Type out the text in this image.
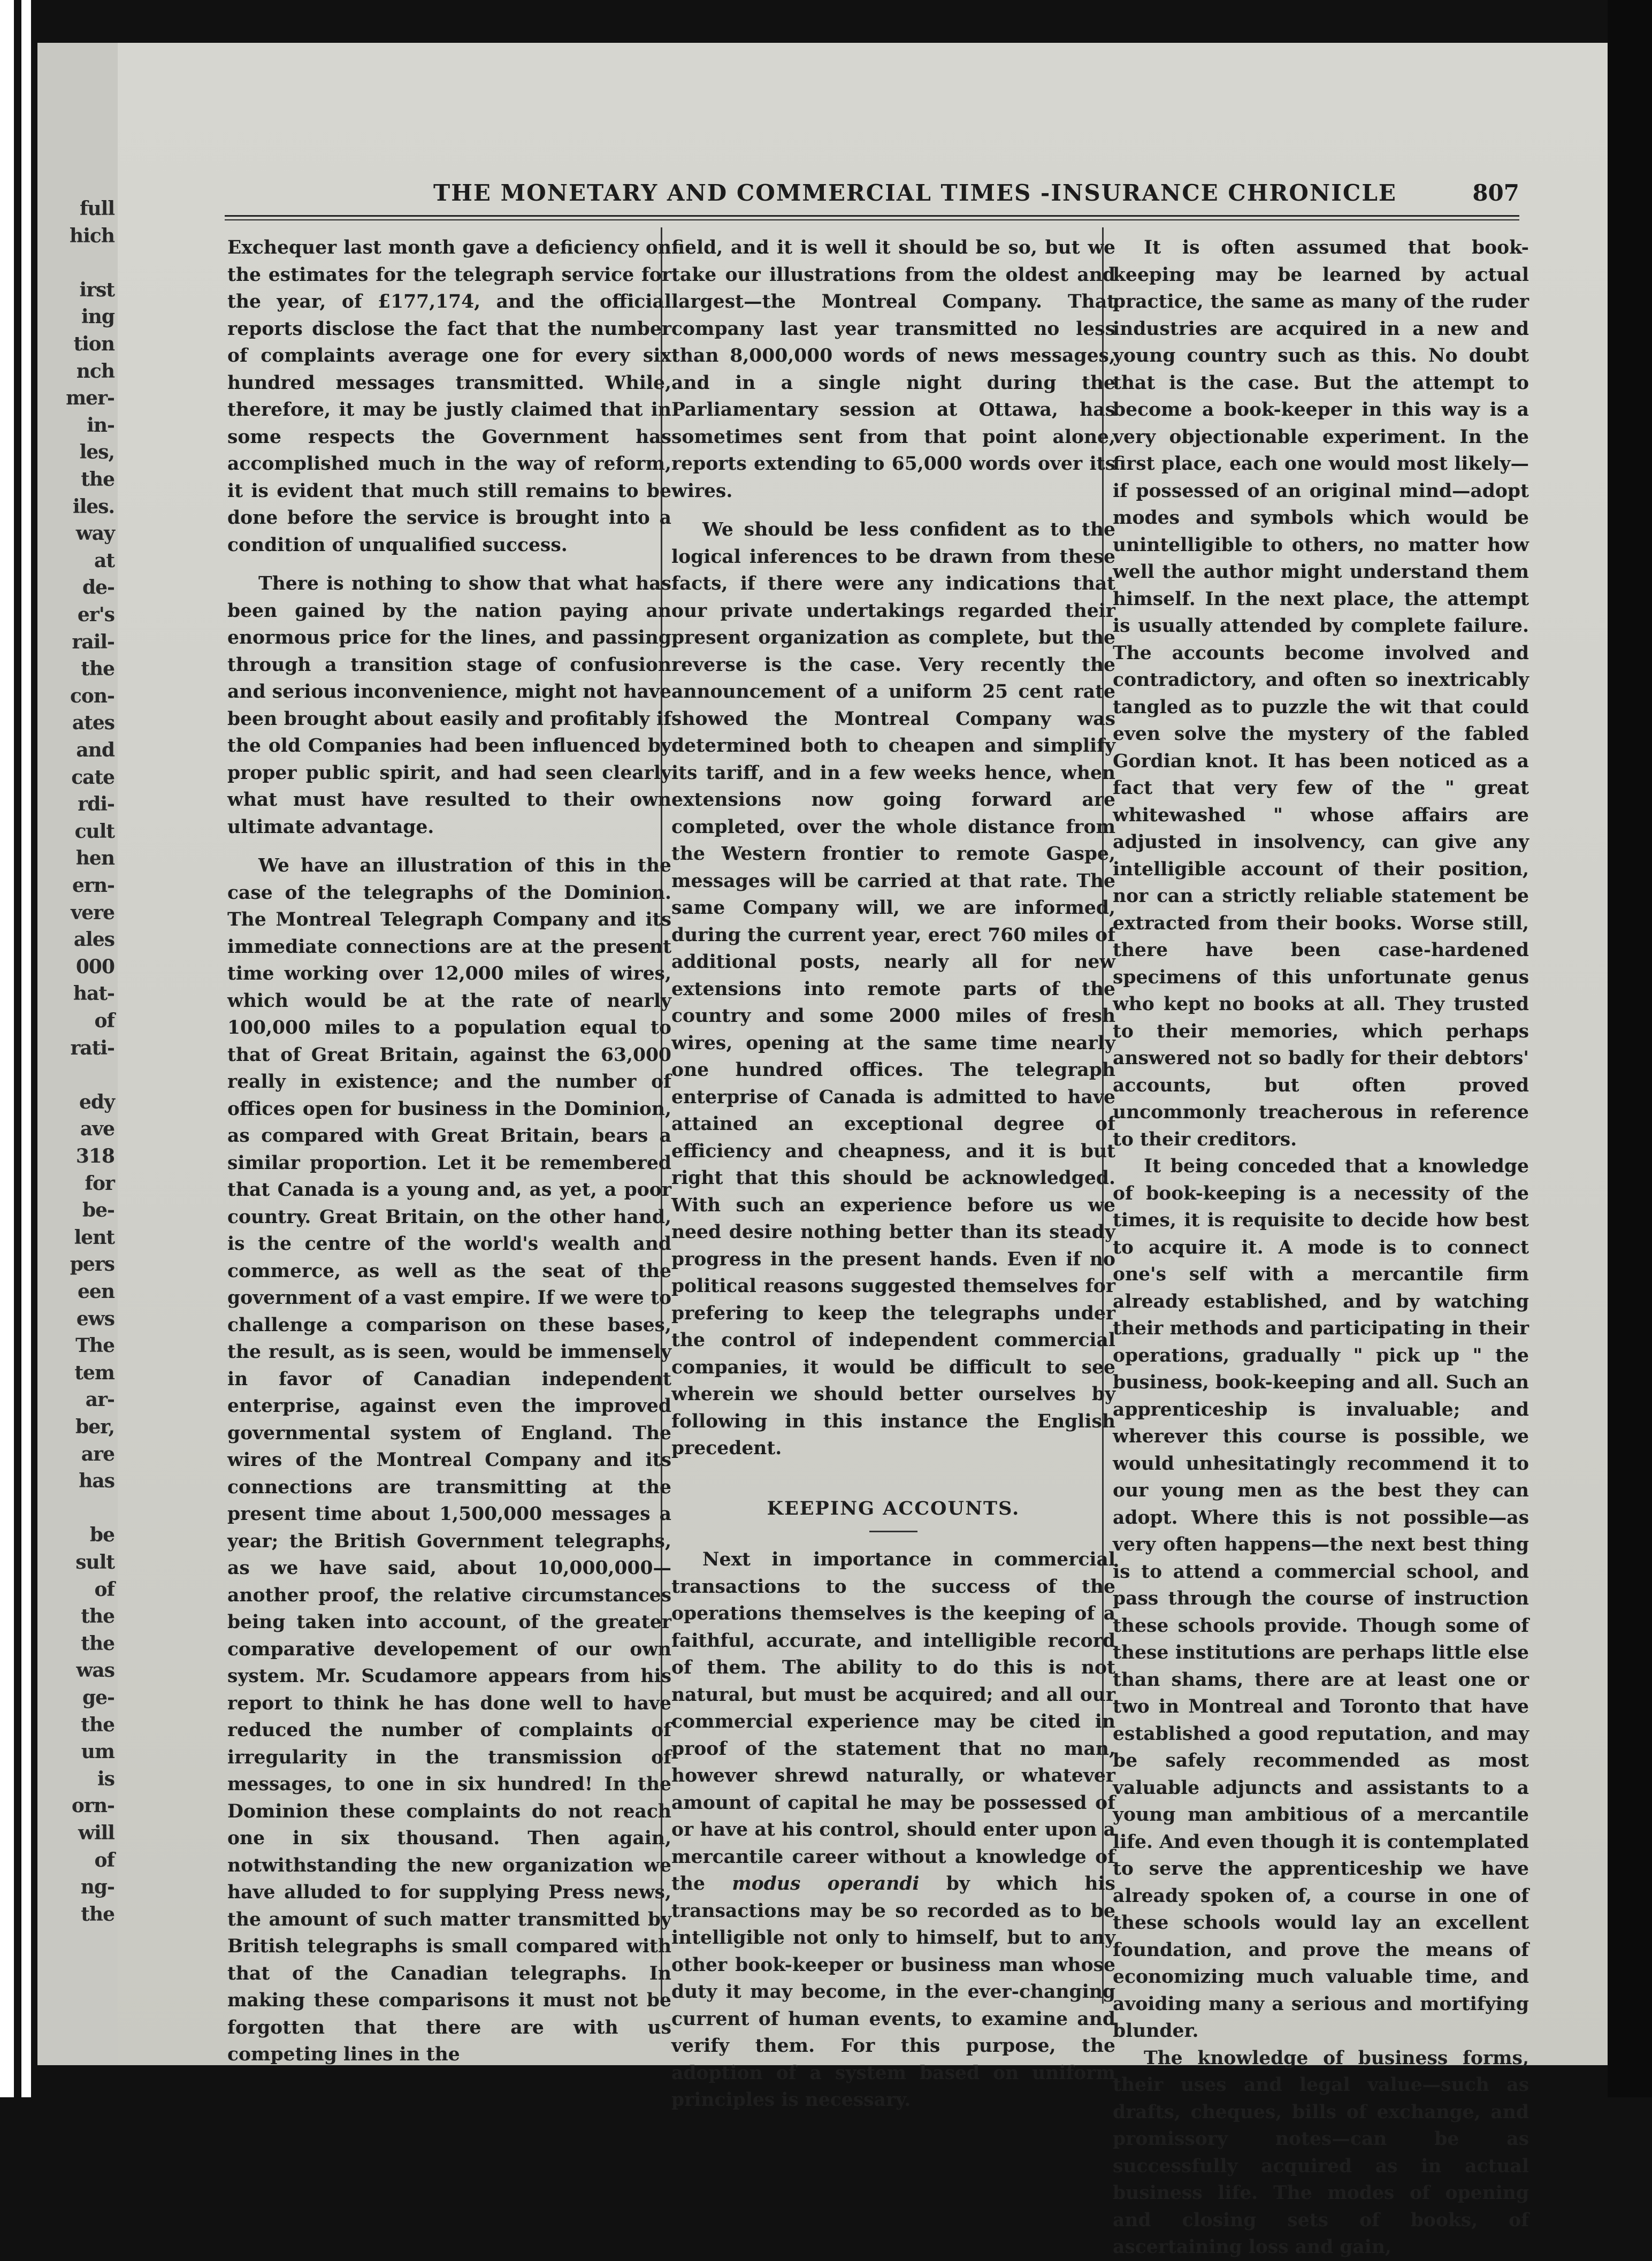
full
hich
irst
ing
tion
nch
mer-
in-
les,
the
iles.
way
at
de-
er's
rail-
the
con-
ates
and
cate
rdi-
cult
hen
ern-
vere
ales
000
hat-
of
rati-
edy
ave
318
for
be-
lent
pers
een
ews
The
tem
ar-
ber,
are
has
be
sult
of
the
the
was
ge-
the
um
is
orn-
will
of
ng-
the
THE MONETARY AND COMMERCIAL TIMES -INSURANCE CHRONICLE	807

Exchequer last month gave a deficiency on the estimates for the telegraph service for the year, of £177,174, and the official reports disclose the fact that the number of complaints average one for every six hundred messages transmitted. While, therefore, it may be justly claimed that in some respects the Government has accomplished much in the way of reform, it is evident that much still remains to be done before the service is brought into a condition of unqualified success.

There is nothing to show that what has been gained by the nation paying an enormous price for the lines, and passing through a transition stage of confusion and serious inconvenience, might not have been brought about easily and profitably if the old Companies had been influenced by proper public spirit, and had seen clearly what must have resulted to their own ultimate advantage.

We have an illustration of this in the case of the telegraphs of the Dominion. The Montreal Telegraph Company and its immediate connections are at the present time working over 12,000 miles of wires, which would be at the rate of nearly 100,000 miles to a population equal to that of Great Britain, against the 63,000 really in existence; and the number of offices open for business in the Dominion, as compared with Great Britain, bears a similar proportion. Let it be remembered that Canada is a young and, as yet, a poor country. Great Britain, on the other hand, is the centre of the world's wealth and commerce, as well as the seat of the government of a vast empire. If we were to challenge a comparison on these bases, the result, as is seen, would be immensely in favor of Canadian independent enterprise, against even the improved governmental system of England. The wires of the Montreal Company and its connections are transmitting at the present time about 1,500,000 messages a year; the British Government telegraphs, as we have said, about 10,000,000—another proof, the relative circumstances being taken into account, of the greater comparative developement of our own system. Mr. Scudamore appears from his report to think he has done well to have reduced the number of complaints of irregularity in the transmission of messages, to one in six hundred! In the Dominion these complaints do not reach one in six thousand. Then again, notwithstanding the new organization we have alluded to for supplying Press news, the amount of such matter transmitted by British telegraphs is small compared with that of the Canadian telegraphs. In making these comparisons it must not be forgotten that there are with us competing lines in the

field, and it is well it should be so, but we take our illustrations from the oldest and largest—the Montreal Company. That company last year transmitted no less than 8,000,000 words of news messages, and in a single night during the Parliamentary session at Ottawa, has sometimes sent from that point alone, reports extending to 65,000 words over its wires.

We should be less confident as to the logical inferences to be drawn from these facts, if there were any indications that our private undertakings regarded their present organization as complete, but the reverse is the case. Very recently the announcement of a uniform 25 cent rate showed the Montreal Company was determined both to cheapen and simplify its tariff, and in a few weeks hence, when extensions now going forward are completed, over the whole distance from the Western frontier to remote Gaspe, messages will be carried at that rate. The same Company will, we are informed, during the current year, erect 760 miles of additional posts, nearly all for new extensions into remote parts of the country and some 2000 miles of fresh wires, opening at the same time nearly one hundred offices. The telegraph enterprise of Canada is admitted to have attained an exceptional degree of efficiency and cheapness, and it is but right that this should be acknowledged. With such an experience before us we need desire nothing better than its steady progress in the present hands. Even if no political reasons suggested themselves for prefering to keep the telegraphs under the control of independent commercial companies, it would be difficult to see wherein we should better ourselves by following in this instance the English precedent.

KEEPING ACCOUNTS.

Next in importance in commercial transactions to the success of the operations themselves is the keeping of a faithful, accurate, and intelligible record of them. The ability to do this is not natural, but must be acquired; and all our commercial experience may be cited in proof of the statement that no man, however shrewd naturally, or whatever amount of capital he may be possessed of or have at his control, should enter upon a mercantile career without a knowledge of the modus operandi by which his transactions may be so recorded as to be intelligible not only to himself, but to any other book-keeper or business man whose duty it may become, in the ever-changing current of human events, to examine and verify them. For this purpose, the adoption of a system based on uniform principles is necessary.

It is often assumed that book-keeping may be learned by actual practice, the same as many of the ruder industries are acquired in a new and young country such as this. No doubt that is the case. But the attempt to become a book-keeper in this way is a very objectionable experiment. In the first place, each one would most likely—if possessed of an original mind—adopt modes and symbols which would be unintelligible to others, no matter how well the author might understand them himself. In the next place, the attempt is usually attended by complete failure. The accounts become involved and contradictory, and often so inextricably tangled as to puzzle the wit that could even solve the mystery of the fabled Gordian knot. It has been noticed as a fact that very few of the " great whitewashed " whose affairs are adjusted in insolvency, can give any intelligible account of their position, nor can a strictly reliable statement be extracted from their books. Worse still, there have been case-hardened specimens of this unfortunate genus who kept no books at all. They trusted to their memories, which perhaps answered not so badly for their debtors' accounts, but often proved uncommonly treacherous in reference to their creditors.

It being conceded that a knowledge of book-keeping is a necessity of the times, it is requisite to decide how best to acquire it. A mode is to connect one's self with a mercantile firm already established, and by watching their methods and participating in their operations, gradually " pick up " the business, book-keeping and all. Such an apprenticeship is invaluable; and wherever this course is possible, we would unhesitatingly recommend it to our young men as the best they can adopt. Where this is not possible—as very often happens—the next best thing is to attend a commercial school, and pass through the course of instruction these schools provide. Though some of these institutions are perhaps little else than shams, there are at least one or two in Montreal and Toronto that have established a good reputation, and may be safely recommended as most valuable adjuncts and assistants to a young man ambitious of a mercantile life. And even though it is contemplated to serve the apprenticeship we have already spoken of, a course in one of these schools would lay an excellent foundation, and prove the means of economizing much valuable time, and avoiding many a serious and mortifying blunder.

The knowledge of business forms, their uses and legal value—such as drafts, cheques, bills of exchange, and promissory notes—can be as successfully acquired as in actual business life. The modes of opening and closing sets of books, of ascertaining loss and gain,
